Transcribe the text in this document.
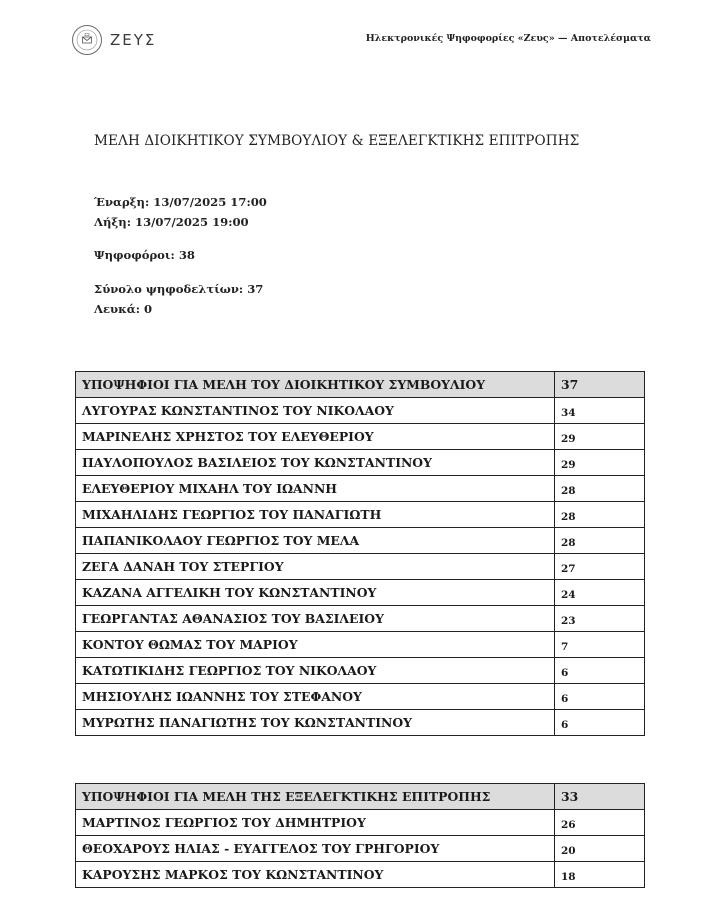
ΖΕΥΣ	Ηλεκτρονικές Ψηφοφορίες «Ζευς» — Αποτελέσματα
ΜΕΛΗ ΔΙΟΙΚΗΤΙΚΟΥ ΣΥΜΒΟΥΛΙΟΥ & ΕΞΕΛΕΓΚΤΙΚΗΣ ΕΠΙΤΡΟΠΗΣ
Έναρξη: 13/07/2025 17:00
Λήξη: 13/07/2025 19:00
Ψηφοφόροι: 38
Σύνολο ψηφοδελτίων: 37
Λευκά: 0
ΥΠΟΨΗΦΙΟΙ ΓΙΑ ΜΕΛΗ ΤΟΥ ΔΙΟΙΚΗΤΙΚΟΥ ΣΥΜΒΟΥΛΙΟΥ	37
ΛΥΓΟΥΡΑΣ ΚΩΝΣΤΑΝΤΙΝΟΣ ΤΟΥ ΝΙΚΟΛΑΟΥ	34
ΜΑΡΙΝΕΛΗΣ ΧΡΗΣΤΟΣ ΤΟΥ ΕΛΕΥΘΕΡΙΟΥ	29
ΠΑΥΛΟΠΟΥΛΟΣ ΒΑΣΙΛΕΙΟΣ ΤΟΥ ΚΩΝΣΤΑΝΤΙΝΟΥ	29
ΕΛΕΥΘΕΡΙΟΥ ΜΙΧΑΗΛ ΤΟΥ ΙΩΑΝΝΗ	28
ΜΙΧΑΗΛΙΔΗΣ ΓΕΩΡΓΙΟΣ ΤΟΥ ΠΑΝΑΓΙΩΤΗ	28
ΠΑΠΑΝΙΚΟΛΑΟΥ ΓΕΩΡΓΙΟΣ ΤΟΥ ΜΕΛΑ	28
ΖΕΓΑ ΔΑΝΑΗ ΤΟΥ ΣΤΕΡΓΙΟΥ	27
ΚΑΖΑΝΑ ΑΓΓΕΛΙΚΗ ΤΟΥ ΚΩΝΣΤΑΝΤΙΝΟΥ	24
ΓΕΩΡΓΑΝΤΑΣ ΑΘΑΝΑΣΙΟΣ ΤΟΥ ΒΑΣΙΛΕΙΟΥ	23
ΚΟΝΤΟΥ ΘΩΜΑΣ ΤΟΥ ΜΑΡΙΟΥ	7
ΚΑΤΩΤΙΚΙΔΗΣ ΓΕΩΡΓΙΟΣ ΤΟΥ ΝΙΚΟΛΑΟΥ	6
ΜΗΣΙΟΥΛΗΣ ΙΩΑΝΝΗΣ ΤΟΥ ΣΤΕΦΑΝΟΥ	6
ΜΥΡΩΤΗΣ ΠΑΝΑΓΙΩΤΗΣ ΤΟΥ ΚΩΝΣΤΑΝΤΙΝΟΥ	6
ΥΠΟΨΗΦΙΟΙ ΓΙΑ ΜΕΛΗ ΤΗΣ ΕΞΕΛΕΓΚΤΙΚΗΣ ΕΠΙΤΡΟΠΗΣ	33
ΜΑΡΤΙΝΟΣ ΓΕΩΡΓΙΟΣ ΤΟΥ ΔΗΜΗΤΡΙΟΥ	26
ΘΕΟΧΑΡΟΥΣ ΗΛΙΑΣ - ΕΥΑΓΓΕΛΟΣ ΤΟΥ ΓΡΗΓΟΡΙΟΥ	20
ΚΑΡΟΥΣΗΣ ΜΑΡΚΟΣ ΤΟΥ ΚΩΝΣΤΑΝΤΙΝΟΥ	18
